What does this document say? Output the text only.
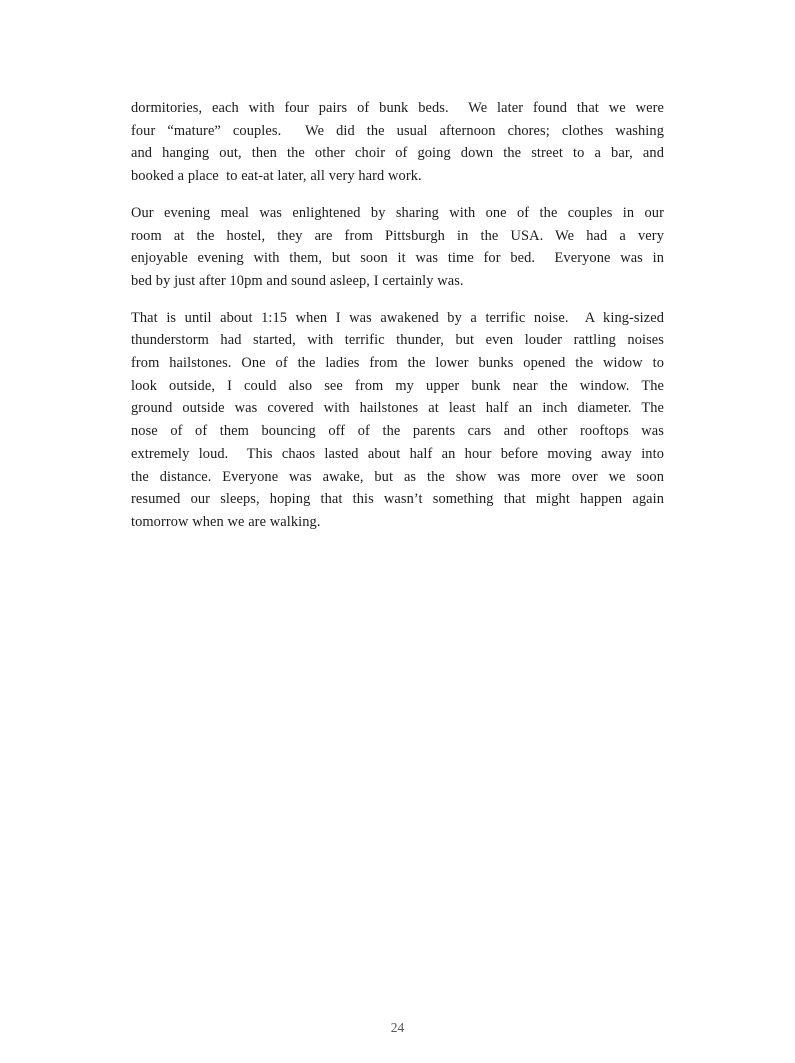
dormitories, each with four pairs of bunk beds.  We later found that we were
four “mature” couples.  We did the usual afternoon chores; clothes washing
and hanging out, then the other choir of going down the street to a bar, and
booked a place  to eat-at later, all very hard work.
Our evening meal was enlightened by sharing with one of the couples in our
room at the hostel, they are from Pittsburgh in the USA. We had a very
enjoyable evening with them, but soon it was time for bed.  Everyone was in
bed by just after 10pm and sound asleep, I certainly was.
That is until about 1:15 when I was awakened by a terrific noise.  A king-sized
thunderstorm had started, with terrific thunder, but even louder rattling noises
from hailstones. One of the ladies from the lower bunks opened the widow to
look outside, I could also see from my upper bunk near the window. The
ground outside was covered with hailstones at least half an inch diameter. The
nose of of them bouncing off of the parents cars and other rooftops was
extremely loud.  This chaos lasted about half an hour before moving away into
the distance. Everyone was awake, but as the show was more over we soon
resumed our sleeps, hoping that this wasn’t something that might happen again
tomorrow when we are walking.
24
